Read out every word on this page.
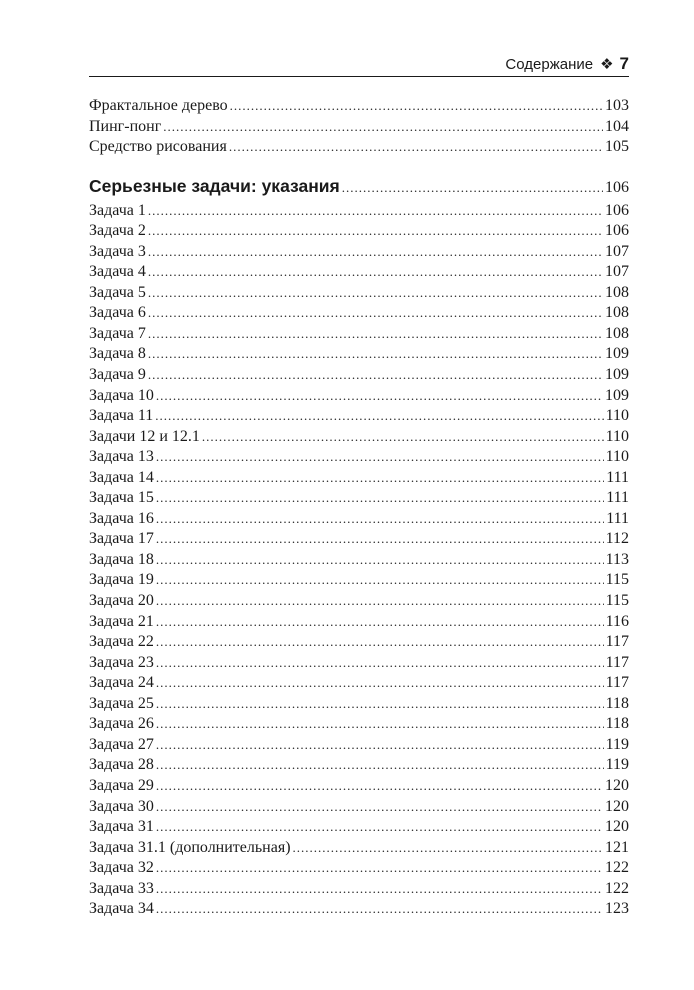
Содержание ❖ 7
Фрактальное дерево .....	103
Пинг-понг .....	104
Средство рисования .....	105
Серьезные задачи: указания .....	106
Задача 1 .....	106
Задача 2 .....	106
Задача 3 .....	107
Задача 4 .....	107
Задача 5 .....	108
Задача 6 .....	108
Задача 7 .....	108
Задача 8 .....	109
Задача 9 .....	109
Задача 10 .....	109
Задача 11 .....	110
Задачи 12 и 12.1 .....	110
Задача 13 .....	110
Задача 14 .....	111
Задача 15 .....	111
Задача 16 .....	111
Задача 17 .....	112
Задача 18 .....	113
Задача 19 .....	115
Задача 20 .....	115
Задача 21 .....	116
Задача 22 .....	117
Задача 23 .....	117
Задача 24 .....	117
Задача 25 .....	118
Задача 26 .....	118
Задача 27 .....	119
Задача 28 .....	119
Задача 29 .....	120
Задача 30 .....	120
Задача 31 .....	120
Задача 31.1 (дополнительная) .....	121
Задача 32 .....	122
Задача 33 .....	122
Задача 34 .....	123
